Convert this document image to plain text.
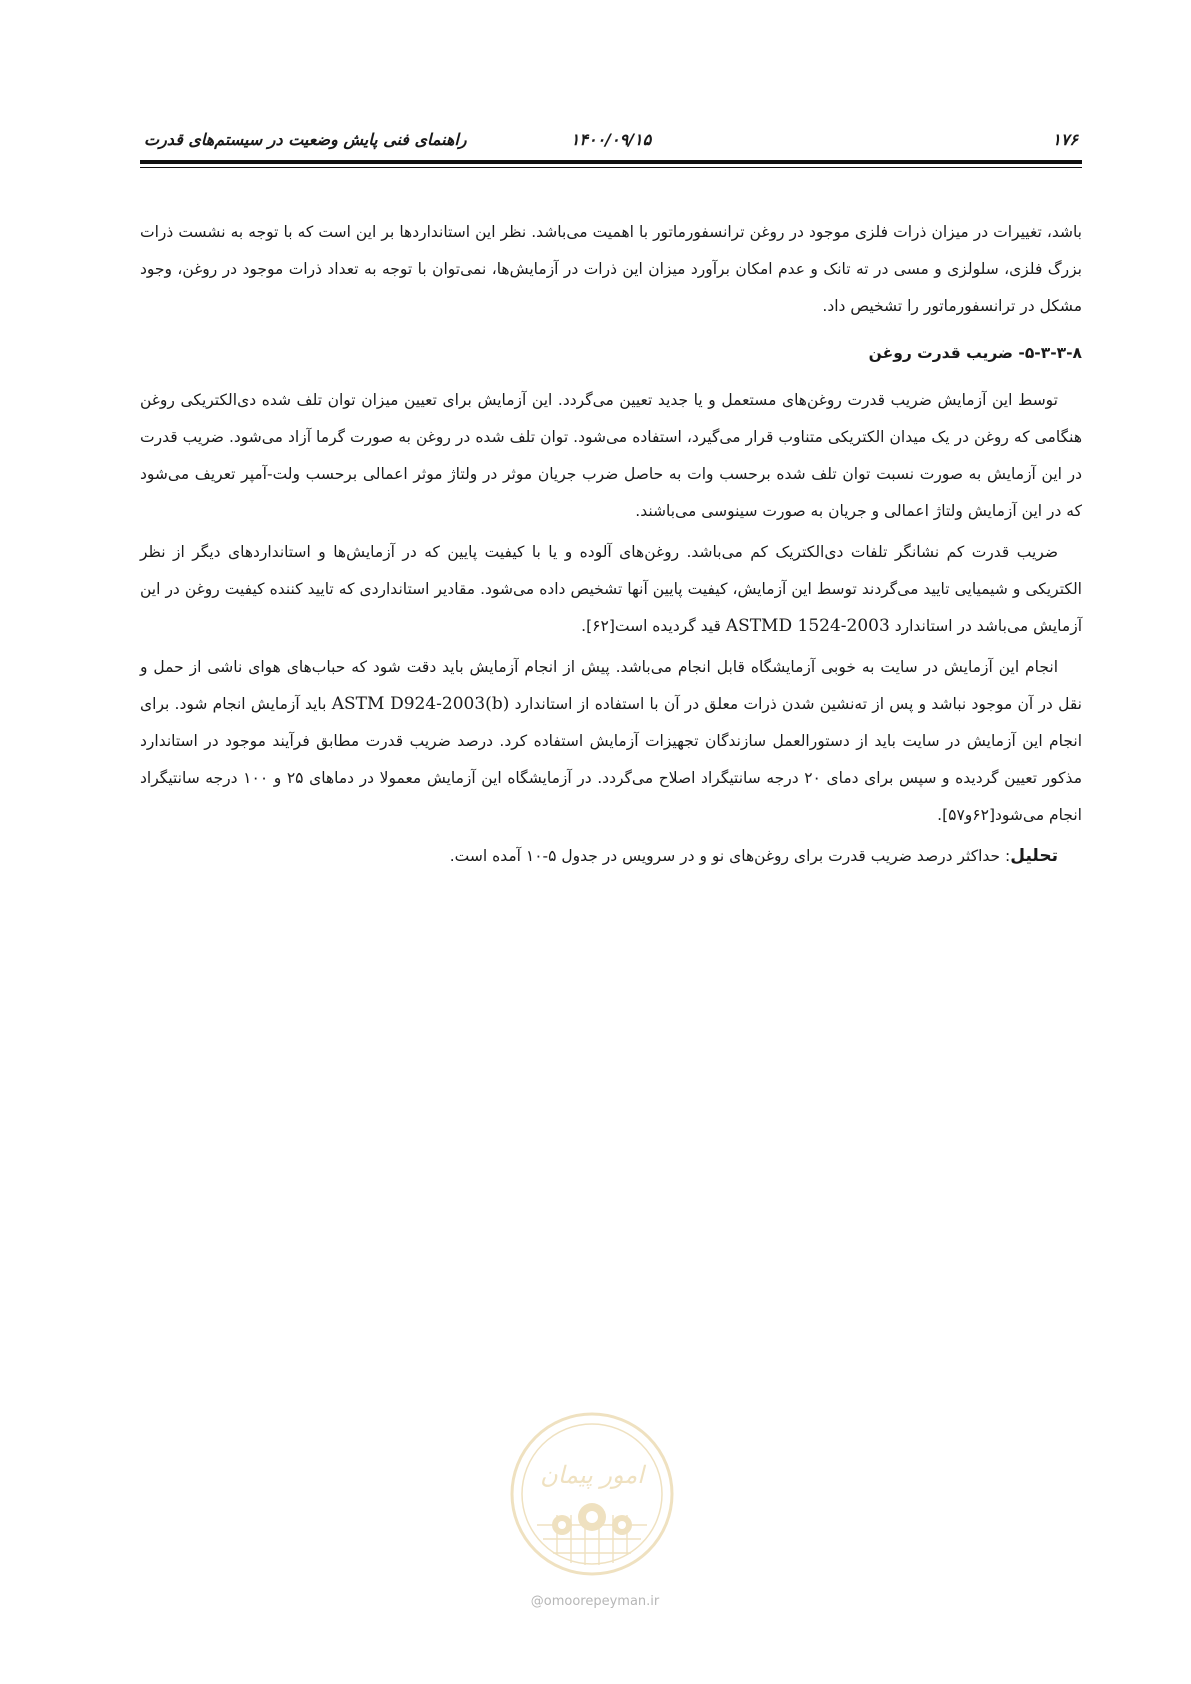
۱۷۶
۱۴۰۰/۰۹/۱۵
راهنمای فنی پایش وضعیت در سیستم‌های قدرت

باشد، تغییرات در میزان ذرات فلزی موجود در روغن ترانسفورماتور با اهمیت می‌باشد. نظر این استانداردها بر این است که با توجه به نشست ذرات بزرگ فلزی، سلولزی و مسی در ته تانک و عدم امکان برآورد میزان این ذرات در آزمایش‌ها، نمی‌توان با توجه به تعداد ذرات موجود در روغن، وجود مشکل در ترانسفورماتور را تشخیص داد.

۵-۳-۳-۸- ضریب قدرت روغن

توسط این آزمایش ضریب قدرت روغن‌های مستعمل و یا جدید تعیین می‌گردد. این آزمایش برای تعیین میزان توان تلف شده دی‌الکتریکی روغن هنگامی که روغن در یک میدان الکتریکی متناوب قرار می‌گیرد، استفاده می‌شود. توان تلف شده در روغن به صورت گرما آزاد می‌شود. ضریب قدرت در این آزمایش به صورت نسبت توان تلف شده برحسب وات به حاصل ضرب جریان موثر در ولتاژ موثر اعمالی برحسب ولت-آمپر تعریف می‌شود که در این آزمایش ولتاژ اعمالی و جریان به صورت سینوسی می‌باشند.

ضریب قدرت کم نشانگر تلفات دی‌الکتریک کم می‌باشد. روغن‌های آلوده و یا با کیفیت پایین که در آزمایش‌ها و استانداردهای دیگر از نظر الکتریکی و شیمیایی تایید می‌گردند توسط این آزمایش، کیفیت پایین آنها تشخیص داده می‌شود. مقادیر استانداردی که تایید کننده کیفیت روغن در این آزمایش می‌باشد در استاندارد ASTMD 1524-2003 قید گردیده است[۶۲].

انجام این آزمایش در سایت به خوبی آزمایشگاه قابل انجام می‌باشد. پیش از انجام آزمایش باید دقت شود که حباب‌های هوای ناشی از حمل و نقل در آن موجود نباشد و پس از ته‌نشین شدن ذرات معلق در آن با استفاده از استاندارد ASTM D924-2003(b) باید آزمایش انجام شود. برای انجام این آزمایش در سایت باید از دستورالعمل سازندگان تجهیزات آزمایش استفاده کرد. درصد ضریب قدرت مطابق فرآیند موجود در استاندارد مذکور تعیین گردیده و سپس برای دمای ۲۰ درجه سانتیگراد اصلاح می‌گردد. در آزمایشگاه این آزمایش معمولا در دماهای ۲۵ و ۱۰۰ درجه سانتیگراد انجام می‌شود[۶۲و۵۷].

تحلیل: حداکثر درصد ضریب قدرت برای روغن‌های نو و در سرویس در جدول ۵-۱۰ آمده است.

امور پیمان
@omoorepeyman.ir
